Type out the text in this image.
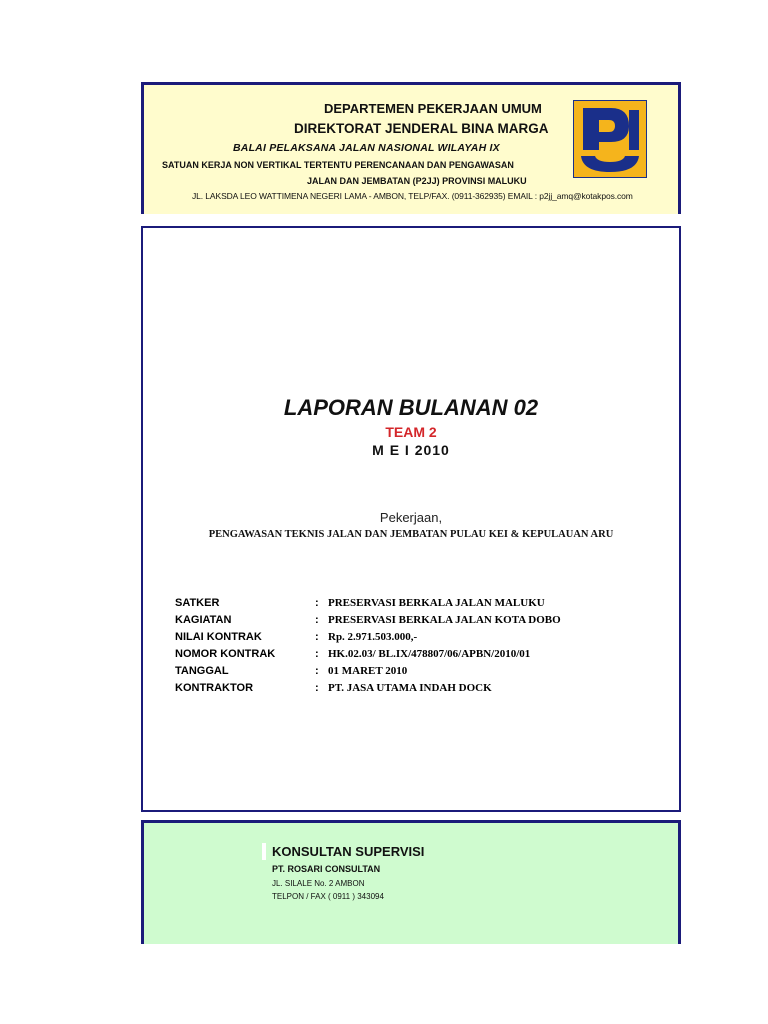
DEPARTEMEN PEKERJAAN UMUM
DIREKTORAT JENDERAL BINA MARGA
BALAI PELAKSANA JALAN NASIONAL WILAYAH IX
SATUAN KERJA NON VERTIKAL TERTENTU PERENCANAAN DAN PENGAWASAN
JALAN DAN JEMBATAN (P2JJ) PROVINSI MALUKU
JL. LAKSDA LEO WATTIMENA NEGERI LAMA - AMBON, TELP/FAX. (0911-362935) EMAIL : p2jj_amq@kotakpos.com
LAPORAN BULANAN 02
TEAM 2
M E I 2010
Pekerjaan,
PENGAWASAN TEKNIS JALAN DAN JEMBATAN PULAU KEI & KEPULAUAN ARU
SATKER	: PRESERVASI BERKALA JALAN MALUKU
KAGIATAN	: PRESERVASI BERKALA JALAN KOTA DOBO
NILAI KONTRAK	: Rp. 2.971.503.000,-
NOMOR KONTRAK	: HK.02.03/ BL.IX/478807/06/APBN/2010/01
TANGGAL	: 01 MARET 2010
KONTRAKTOR	: PT. JASA UTAMA INDAH DOCK
KONSULTAN SUPERVISI
PT. ROSARI CONSULTAN
JL. SILALE No. 2 AMBON
TELPON / FAX ( 0911 ) 343094
